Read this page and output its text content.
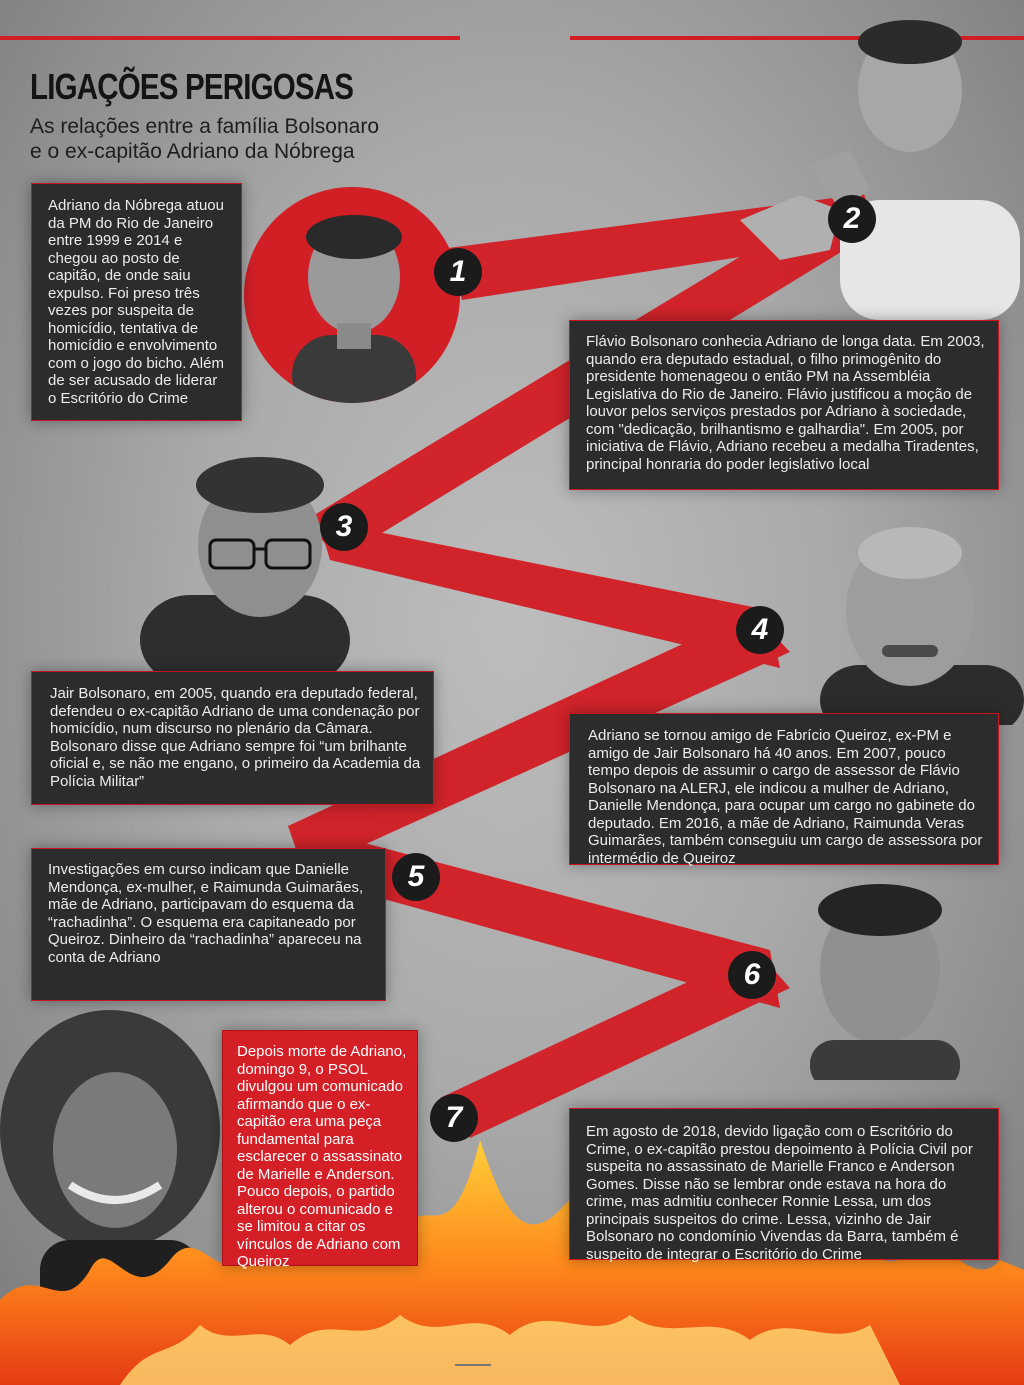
LIGAÇÕES PERIGOSAS

As relações entre a família Bolsonaro e o ex-capitão Adriano da Nóbrega

Adriano da Nóbrega atuou da PM do Rio de Janeiro entre 1999 e 2014 e chegou ao posto de capitão, de onde saiu expulso. Foi preso três vezes por suspeita de homicídio, tentativa de homicídio e envolvimento com o jogo do bicho. Além de ser acusado de liderar o Escritório do Crime

Flávio Bolsonaro conhecia Adriano de longa data. Em 2003, quando era deputado estadual, o filho primogênito do presidente homenageou o então PM na Assembléia Legislativa do Rio de Janeiro. Flávio justificou a moção de louvor pelos serviços prestados por Adriano à sociedade, com "dedicação, brilhantismo e galhardia". Em 2005, por iniciativa de Flávio, Adriano recebeu a medalha Tiradentes, principal honraria do poder legislativo local

Jair Bolsonaro, em 2005, quando era deputado federal, defendeu o ex-capitão Adriano de uma condenação por homicídio, num discurso no plenário da Câmara. Bolsonaro disse que Adriano sempre foi “um brilhante oficial e, se não me engano, o primeiro da Academia da Polícia Militar”

Adriano se tornou amigo de Fabrício Queiroz, ex-PM e amigo de Jair Bolsonaro há 40 anos. Em 2007, pouco tempo depois de assumir o cargo de assessor de Flávio Bolsonaro na ALERJ, ele indicou a mulher de Adriano, Danielle Mendonça, para ocupar um cargo no gabinete do deputado. Em 2016, a mãe de Adriano, Raimunda Veras Guimarães, também conseguiu um cargo de assessora por intermédio de Queiroz

Investigações em curso indicam que Danielle Mendonça, ex-mulher, e Raimunda Guimarães, mãe de Adriano, participavam do esquema da “rachadinha”. O esquema era capitaneado por Queiroz. Dinheiro da “rachadinha” apareceu na conta de Adriano

Em agosto de 2018, devido ligação com o Escritório do Crime, o ex-capitão prestou depoimento à Polícia Civil por suspeita no assassinato de Marielle Franco e Anderson Gomes. Disse não se lembrar onde estava na hora do crime, mas admitiu conhecer Ronnie Lessa, um dos principais suspeitos do crime. Lessa, vizinho de Jair Bolsonaro no condomínio Vivendas da Barra, também é suspeito de integrar o Escritório do Crime

Depois morte de Adriano, domingo 9, o PSOL divulgou um comunicado afirmando que o ex-capitão era uma peça fundamental para esclarecer o assassinato de Marielle e Anderson. Pouco depois, o partido alterou o comunicado e se limitou a citar os vínculos de Adriano com Queiroz

1
2
3
4
5
6
7
